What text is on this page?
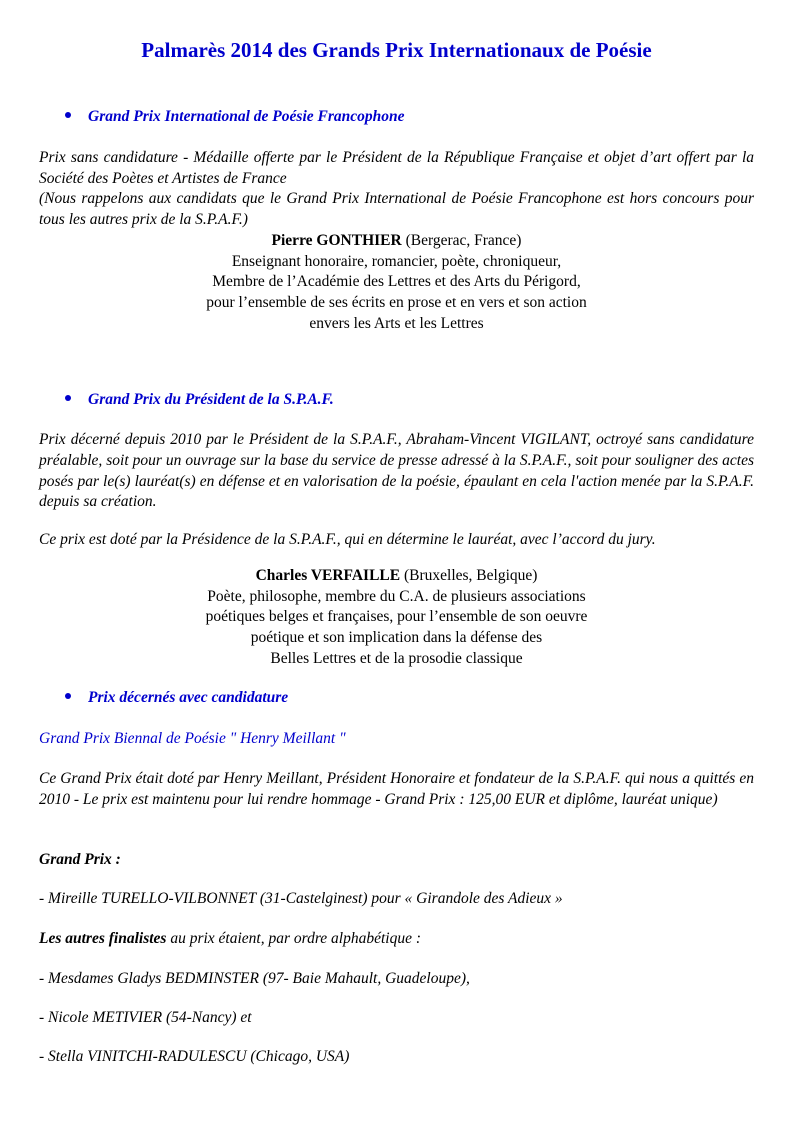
Palmarès 2014 des Grands Prix Internationaux de Poésie
Grand Prix International de Poésie Francophone

Prix sans candidature - Médaille offerte par le Président de la République Française et objet d’art offert par la Société des Poètes et Artistes de France

(Nous rappelons aux candidats que le Grand Prix International de Poésie Francophone est hors concours pour tous les autres prix de la S.P.A.F.)

Pierre GONTHIER (Bergerac, France)

Enseignant honoraire, romancier, poète, chroniqueur,

Membre de l’Académie des Lettres et des Arts du Périgord,

pour l’ensemble de ses écrits en prose et en vers et son action

envers les Arts et les Lettres

Grand Prix du Président de la S.P.A.F.

Prix décerné depuis 2010 par le Président de la S.P.A.F., Abraham-Vincent VIGILANT, octroyé sans candidature préalable, soit pour un ouvrage sur la base du service de presse adressé à la S.P.A.F., soit pour souligner des actes posés par le(s) lauréat(s) en défense et en valorisation de la poésie, épaulant en cela l'action menée par la S.P.A.F. depuis sa création.

Ce prix est doté par la Présidence de la S.P.A.F., qui en détermine le lauréat, avec l’accord du jury.

Charles VERFAILLE (Bruxelles, Belgique)

Poète, philosophe, membre du C.A. de plusieurs associations

poétiques belges et françaises, pour l’ensemble de son oeuvre

poétique et son implication dans la défense des

Belles Lettres et de la prosodie classique

Prix décernés avec candidature

Grand Prix Biennal de Poésie " Henry Meillant "

Ce Grand Prix était doté par Henry Meillant, Président Honoraire et fondateur de la S.P.A.F. qui nous a quittés en 2010 - Le prix est maintenu pour lui rendre hommage - Grand Prix : 125,00 EUR et diplôme, lauréat unique)

Grand Prix :

- Mireille TURELLO-VILBONNET (31-Castelginest) pour « Girandole des Adieux »

Les autres finalistes au prix étaient, par ordre alphabétique :

- Mesdames Gladys BEDMINSTER (97- Baie Mahault, Guadeloupe),

- Nicole METIVIER (54-Nancy) et

- Stella VINITCHI-RADULESCU (Chicago, USA)
